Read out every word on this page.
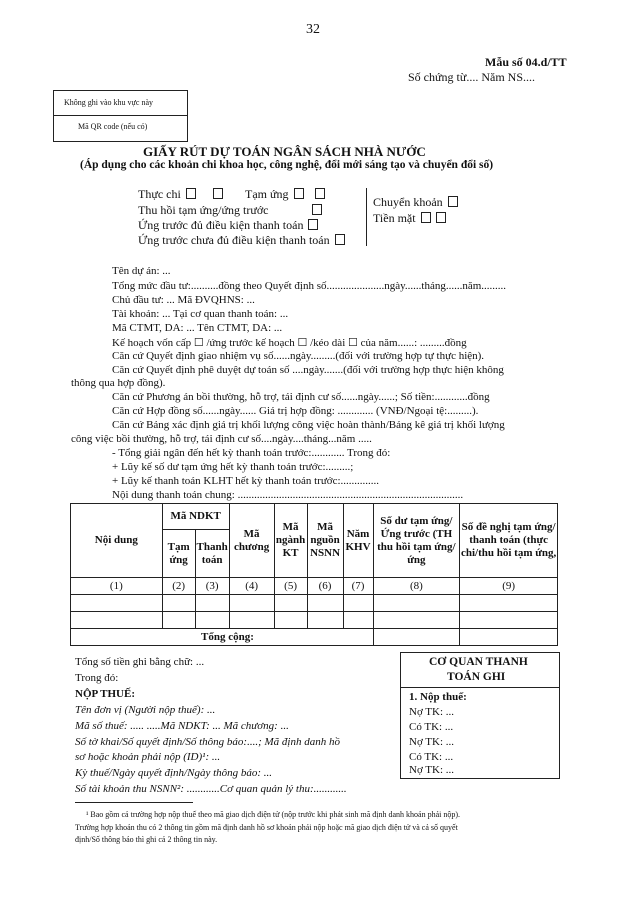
32
Mẫu số 04.d/TT
Số chứng từ.... Năm NS....
Không ghi vào khu vực này
Mã QR code (nếu có)
GIẤY RÚT DỰ TOÁN NGÂN SÁCH NHÀ NƯỚC
(Áp dụng cho các khoản chi khoa học, công nghệ, đổi mới sáng tạo và chuyển đổi số)
Thực chi	Tạm ứng
Thu hồi tạm ứng/ứng trước
Ứng trước đủ điều kiện thanh toán
Ứng trước chưa đủ điều kiện thanh toán
Chuyển khoản
Tiền mặt
Tên dự án: ...
Tổng mức đầu tư:..........đồng theo Quyết định số.....................ngày......tháng......năm.........
Chủ đầu tư: ... Mã ĐVQHNS: ...
Tài khoản: ... Tại cơ quan thanh toán: ...
Mã CTMT, DA: ... Tên CTMT, DA: ...
Kế hoạch vốn cấp ☐ /ứng trước kế hoạch ☐ /kéo dài ☐ của năm......: .........đồng
Căn cứ Quyết định giao nhiệm vụ số......ngày.........(đối với trường hợp tự thực hiện).
Căn cứ Quyết định phê duyệt dự toán số ....ngày.......(đối với trường hợp thực hiện không
thông qua hợp đồng).
Căn cứ Phương án bồi thường, hỗ trợ, tái định cư số......ngày......; Số tiền:............đồng
Căn cứ Hợp đồng số......ngày...... Giá trị hợp đồng: ............. (VNĐ/Ngoại tệ:.........).
Căn cứ Bảng xác định giá trị khối lượng công việc hoàn thành/Bảng kê giá trị khối lượng
công việc bồi thường, hỗ trợ, tái định cư số....ngày....tháng...năm .....
- Tổng giải ngân đến hết kỳ thanh toán trước:............ Trong đó:
+ Lũy kế số dư tạm ứng hết kỳ thanh toán trước:.........;
+ Lũy kế thanh toán KLHT hết kỳ thanh toán trước:..............
Nội dung thanh toán chung: ..................................................................................
Nội dung	Mã NDKT		Mã chương	Mã ngành KT	Mã nguồn NSNN	Năm KHV	Số dư tạm ứng/Ứng trước (TH thu hồi tạm ứng/ứng	Số đề nghị tạm ứng/ thanh toán (thực chi/thu hồi tạm ứng,
	Tạm ứng	Thanh toán						
(1)	(2)	(3)	(4)	(5)	(6)	(7)	(8)	(9)

Tổng cộng:								
Tổng số tiền ghi bằng chữ: ...
Trong đó:
NỘP THUẾ:
Tên đơn vị (Người nộp thuế): ...
Mã số thuế: ..... .....Mã NDKT: ... Mã chương: ...
Số tờ khai/Số quyết định/Số thông báo:....; Mã định danh hồ
sơ hoặc khoản phải nộp (ID)¹: ...
Kỳ thuế/Ngày quyết định/Ngày thông báo: ...
Số tài khoản thu NSNN²: ............Cơ quan quản lý thu:............
CƠ QUAN THANH
TOÁN GHI
1. Nộp thuế:
Nợ TK: ...
Có TK: ...
Nợ TK: ...
Có TK: ...
Nợ TK: ...
¹ Bao gồm cả trường hợp nộp thuế theo mã giao dịch điện tử (nộp trước khi phát sinh mã định danh khoản phải nộp).
Trường hợp khoản thu có 2 thông tin gồm mã định danh hồ sơ khoản phải nộp hoặc mã giao dịch điện tử và cả số quyết
định/Số thông báo thì ghi cả 2 thông tin này.
